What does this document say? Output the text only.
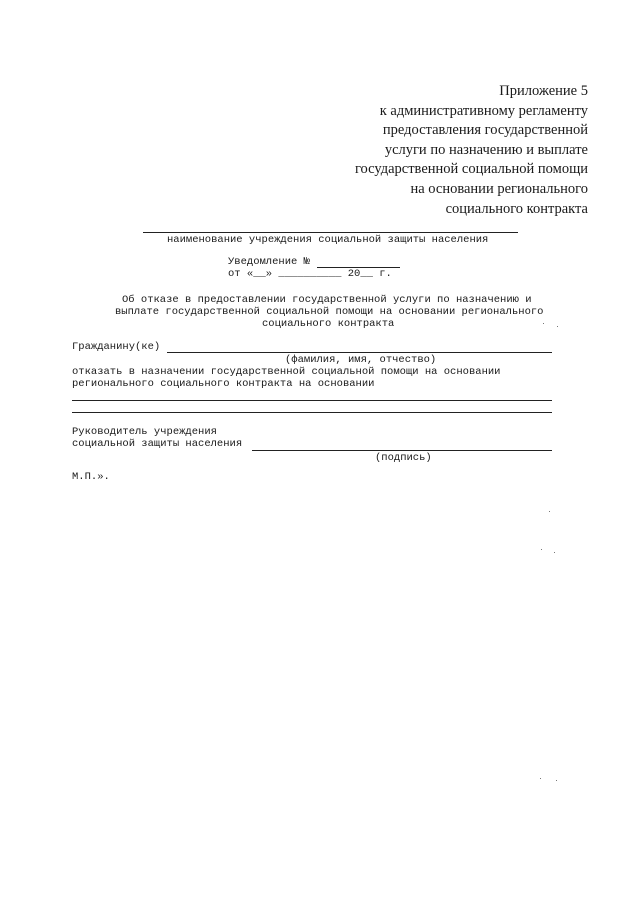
Приложение 5
к административному регламенту
предоставления государственной
услуги по назначению и выплате
государственной социальной помощи
на основании регионального
социального контракта
наименование учреждения социальной защиты населения
Уведомление №
от «__» __________ 20__ г.
Об отказе в предоставлении государственной услуги по назначению и
выплате государственной социальной помощи на основании регионального
социального контракта
Гражданину(ке)
(фамилия, имя, отчество)
отказать в назначении государственной социальной помощи на основании
регионального социального контракта на основании
Руководитель учреждения
социальной защиты населения
(подпись)
М.П.».
